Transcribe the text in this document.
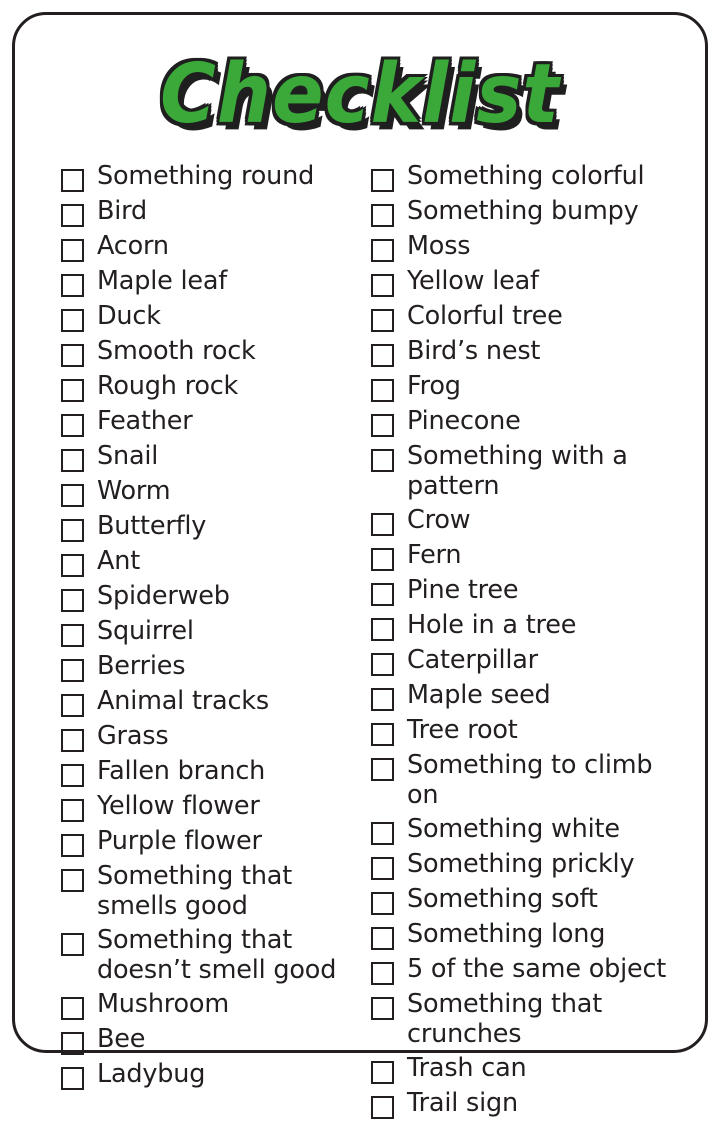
Checklist
Something round
Bird
Acorn
Maple leaf
Duck
Smooth rock
Rough rock
Feather
Snail
Worm
Butterfly
Ant
Spiderweb
Squirrel
Berries
Animal tracks
Grass
Fallen branch
Yellow flower
Purple flower
Something that smells good
Something that doesn’t smell good
Mushroom
Bee
Ladybug
Something colorful
Something bumpy
Moss
Yellow leaf
Colorful tree
Bird’s nest
Frog
Pinecone
Something with a pattern
Crow
Fern
Pine tree
Hole in a tree
Caterpillar
Maple seed
Tree root
Something to climb on
Something white
Something prickly
Something soft
Something long
5 of the same object
Something that crunches
Trash can
Trail sign
